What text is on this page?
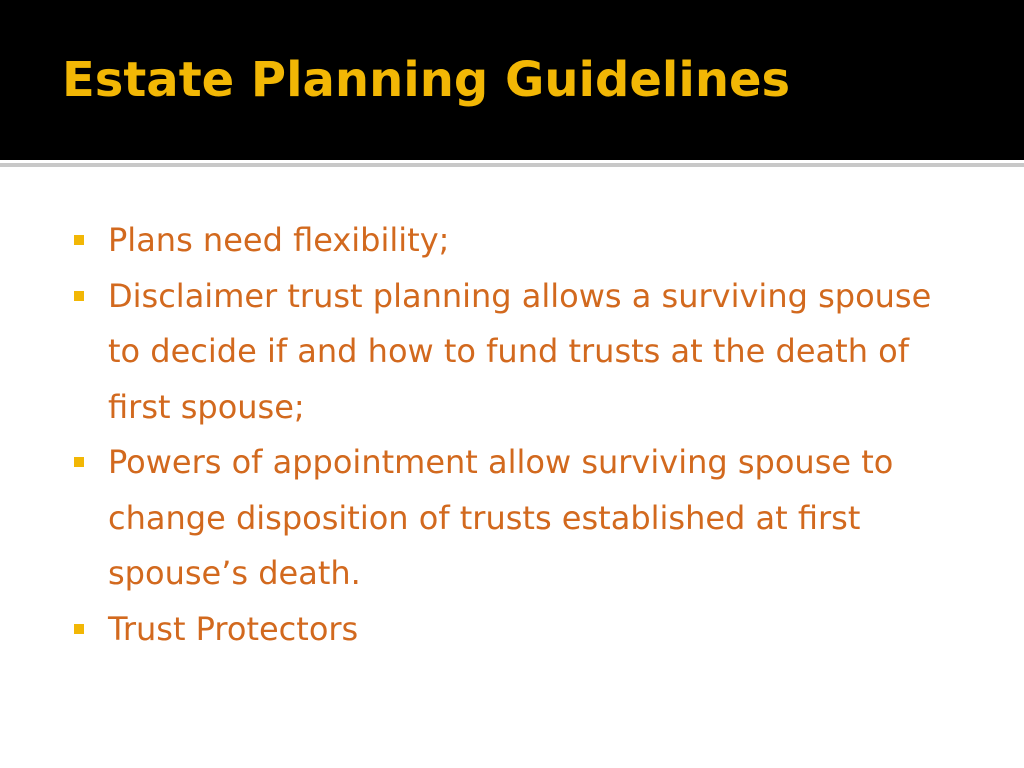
Estate Planning Guidelines
Plans need flexibility;
Disclaimer trust planning allows a surviving spouse to decide if and how to fund trusts at the death of first spouse;
Powers of appointment allow surviving spouse to change disposition of trusts established at first spouse’s death.
Trust Protectors
